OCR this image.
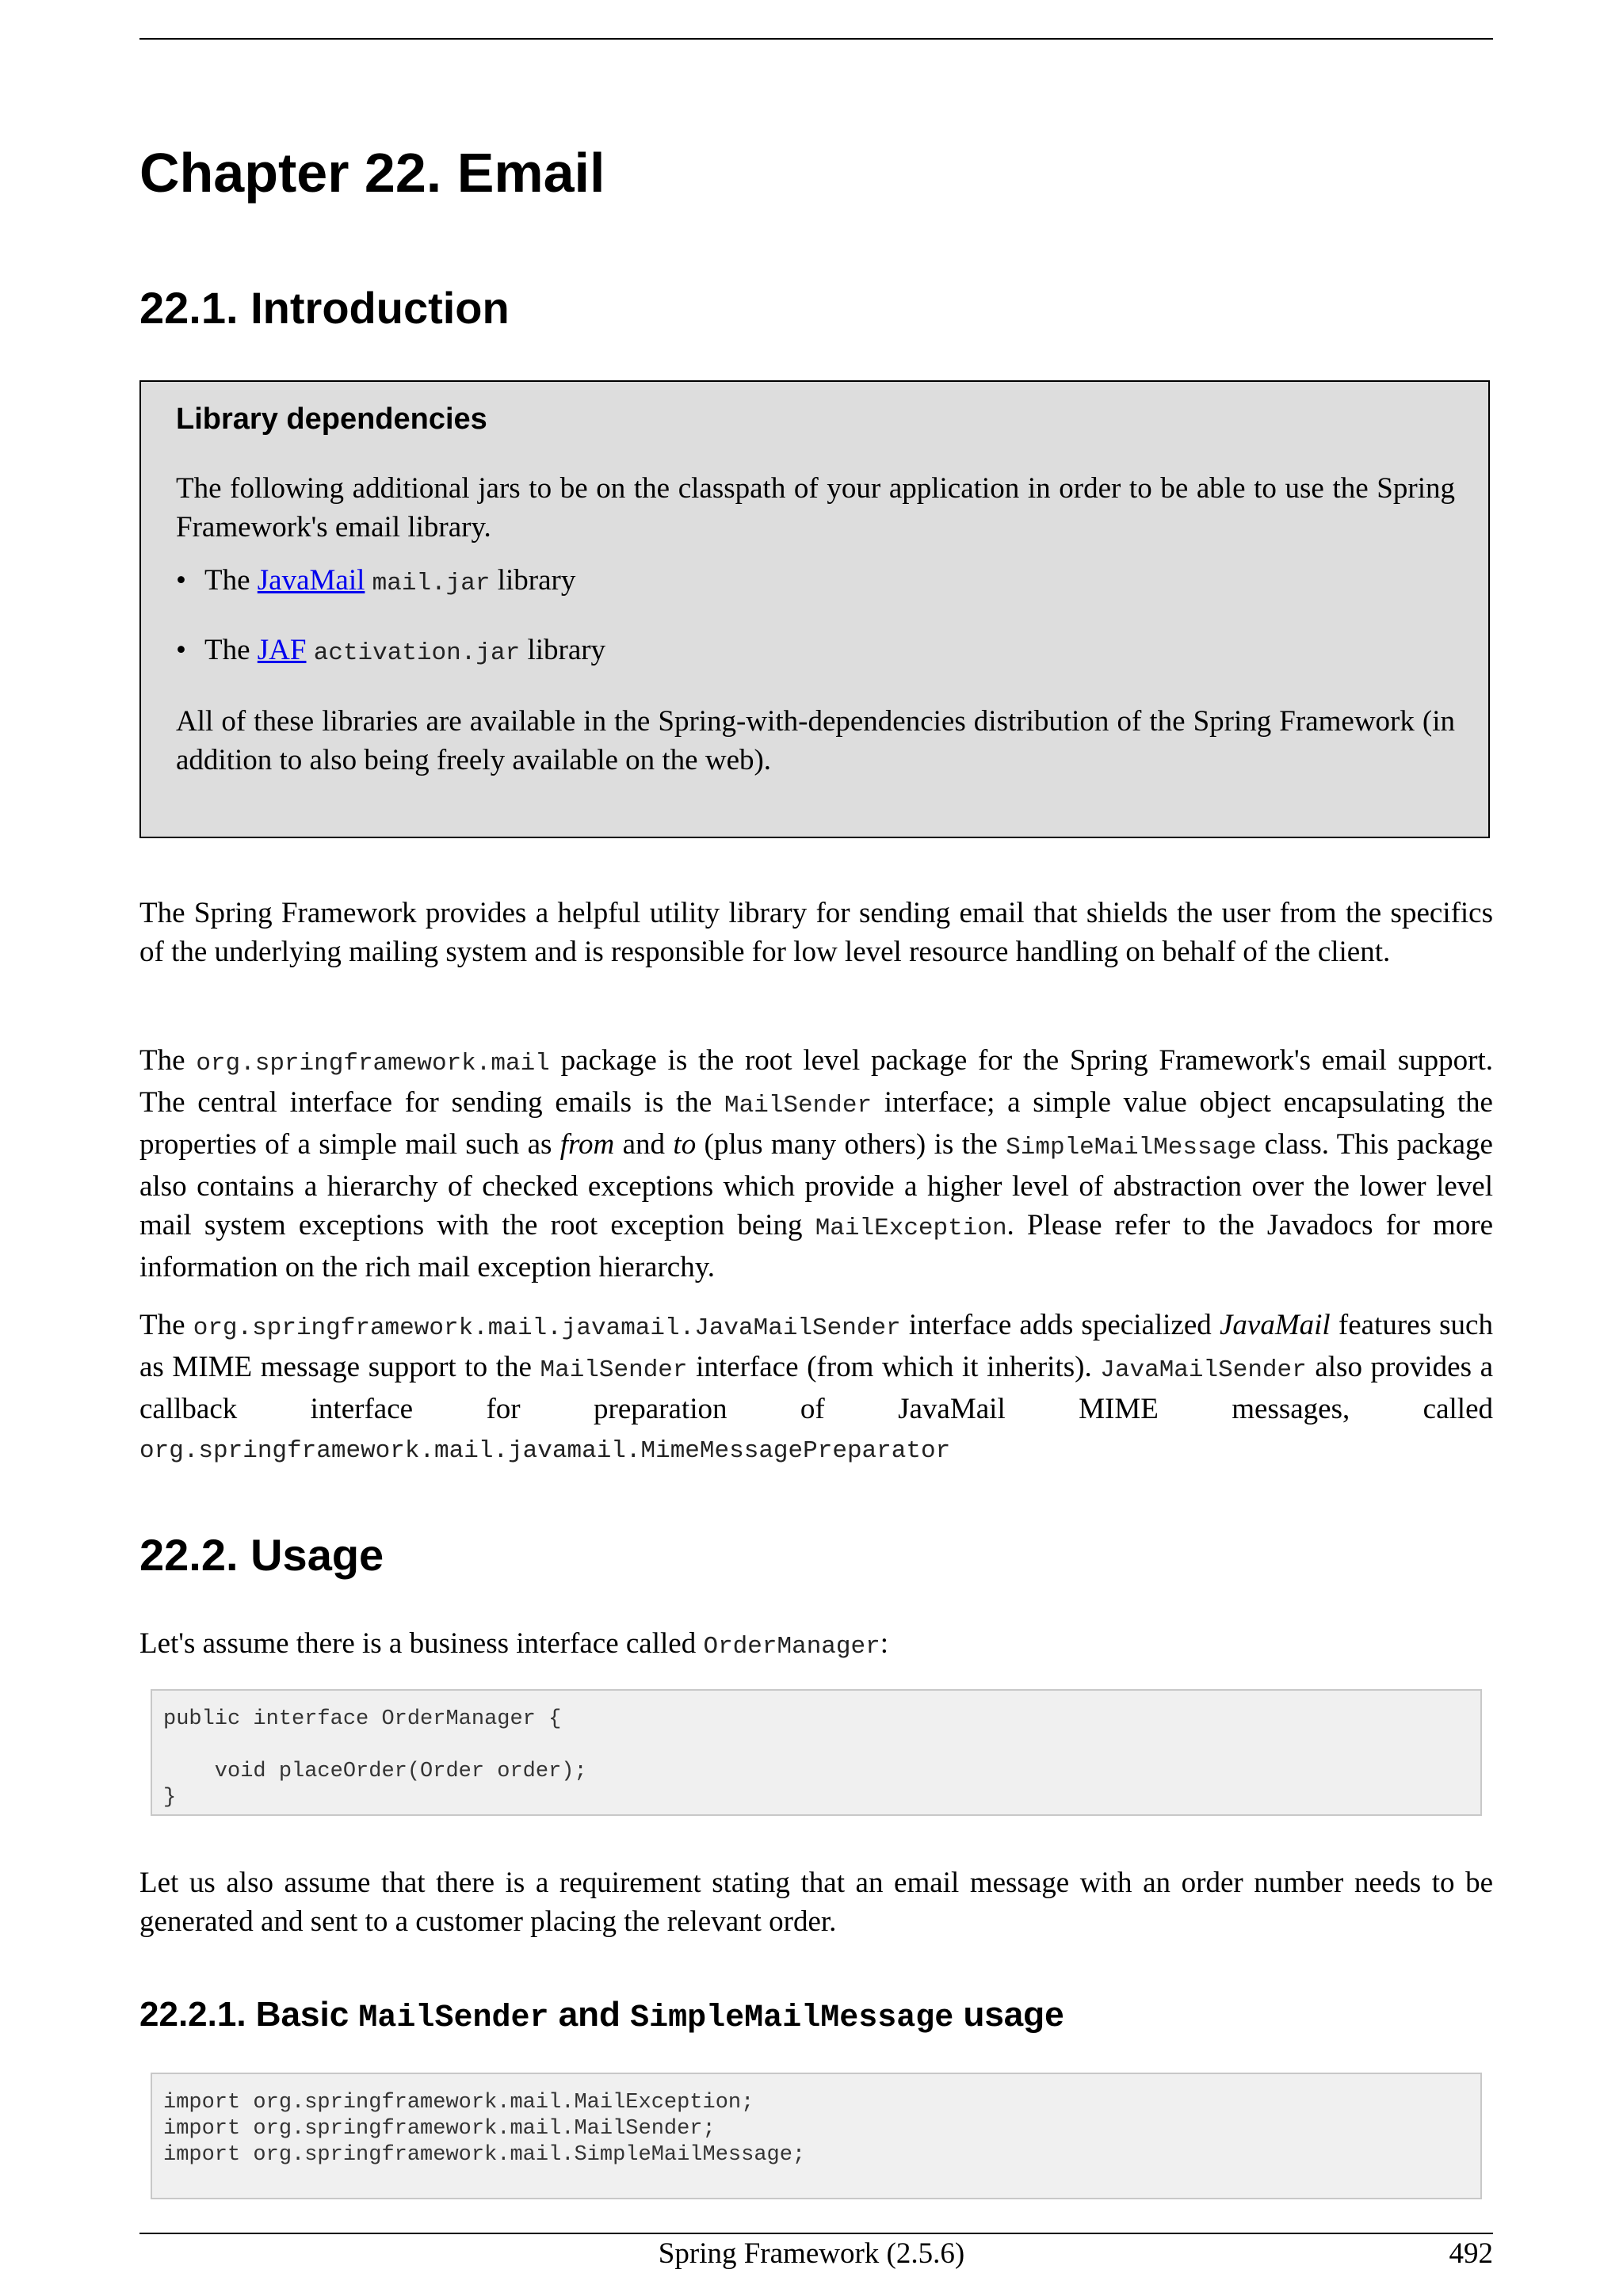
Chapter 22. Email
22.1. Introduction
Library dependencies
The following additional jars to be on the classpath of your application in order to be able to use the Spring Framework's email library.
• The JavaMail mail.jar library
• The JAF activation.jar library
All of these libraries are available in the Spring-with-dependencies distribution of the Spring Framework (in addition to also being freely available on the web).
The Spring Framework provides a helpful utility library for sending email that shields the user from the specifics of the underlying mailing system and is responsible for low level resource handling on behalf of the client.
The org.springframework.mail package is the root level package for the Spring Framework's email support. The central interface for sending emails is the MailSender interface; a simple value object encapsulating the properties of a simple mail such as from and to (plus many others) is the SimpleMailMessage class. This package also contains a hierarchy of checked exceptions which provide a higher level of abstraction over the lower level mail system exceptions with the root exception being MailException. Please refer to the Javadocs for more information on the rich mail exception hierarchy.
The org.springframework.mail.javamail.JavaMailSender interface adds specialized JavaMail features such as MIME message support to the MailSender interface (from which it inherits). JavaMailSender also provides a callback interface for preparation of JavaMail MIME messages, called org.springframework.mail.javamail.MimeMessagePreparator
22.2. Usage
Let's assume there is a business interface called OrderManager:
public interface OrderManager {

void placeOrder(Order order);
}
Let us also assume that there is a requirement stating that an email message with an order number needs to be generated and sent to a customer placing the relevant order.
22.2.1. Basic MailSender and SimpleMailMessage usage
import org.springframework.mail.MailException;
import org.springframework.mail.MailSender;
import org.springframework.mail.SimpleMailMessage;
Spring Framework (2.5.6)	492
